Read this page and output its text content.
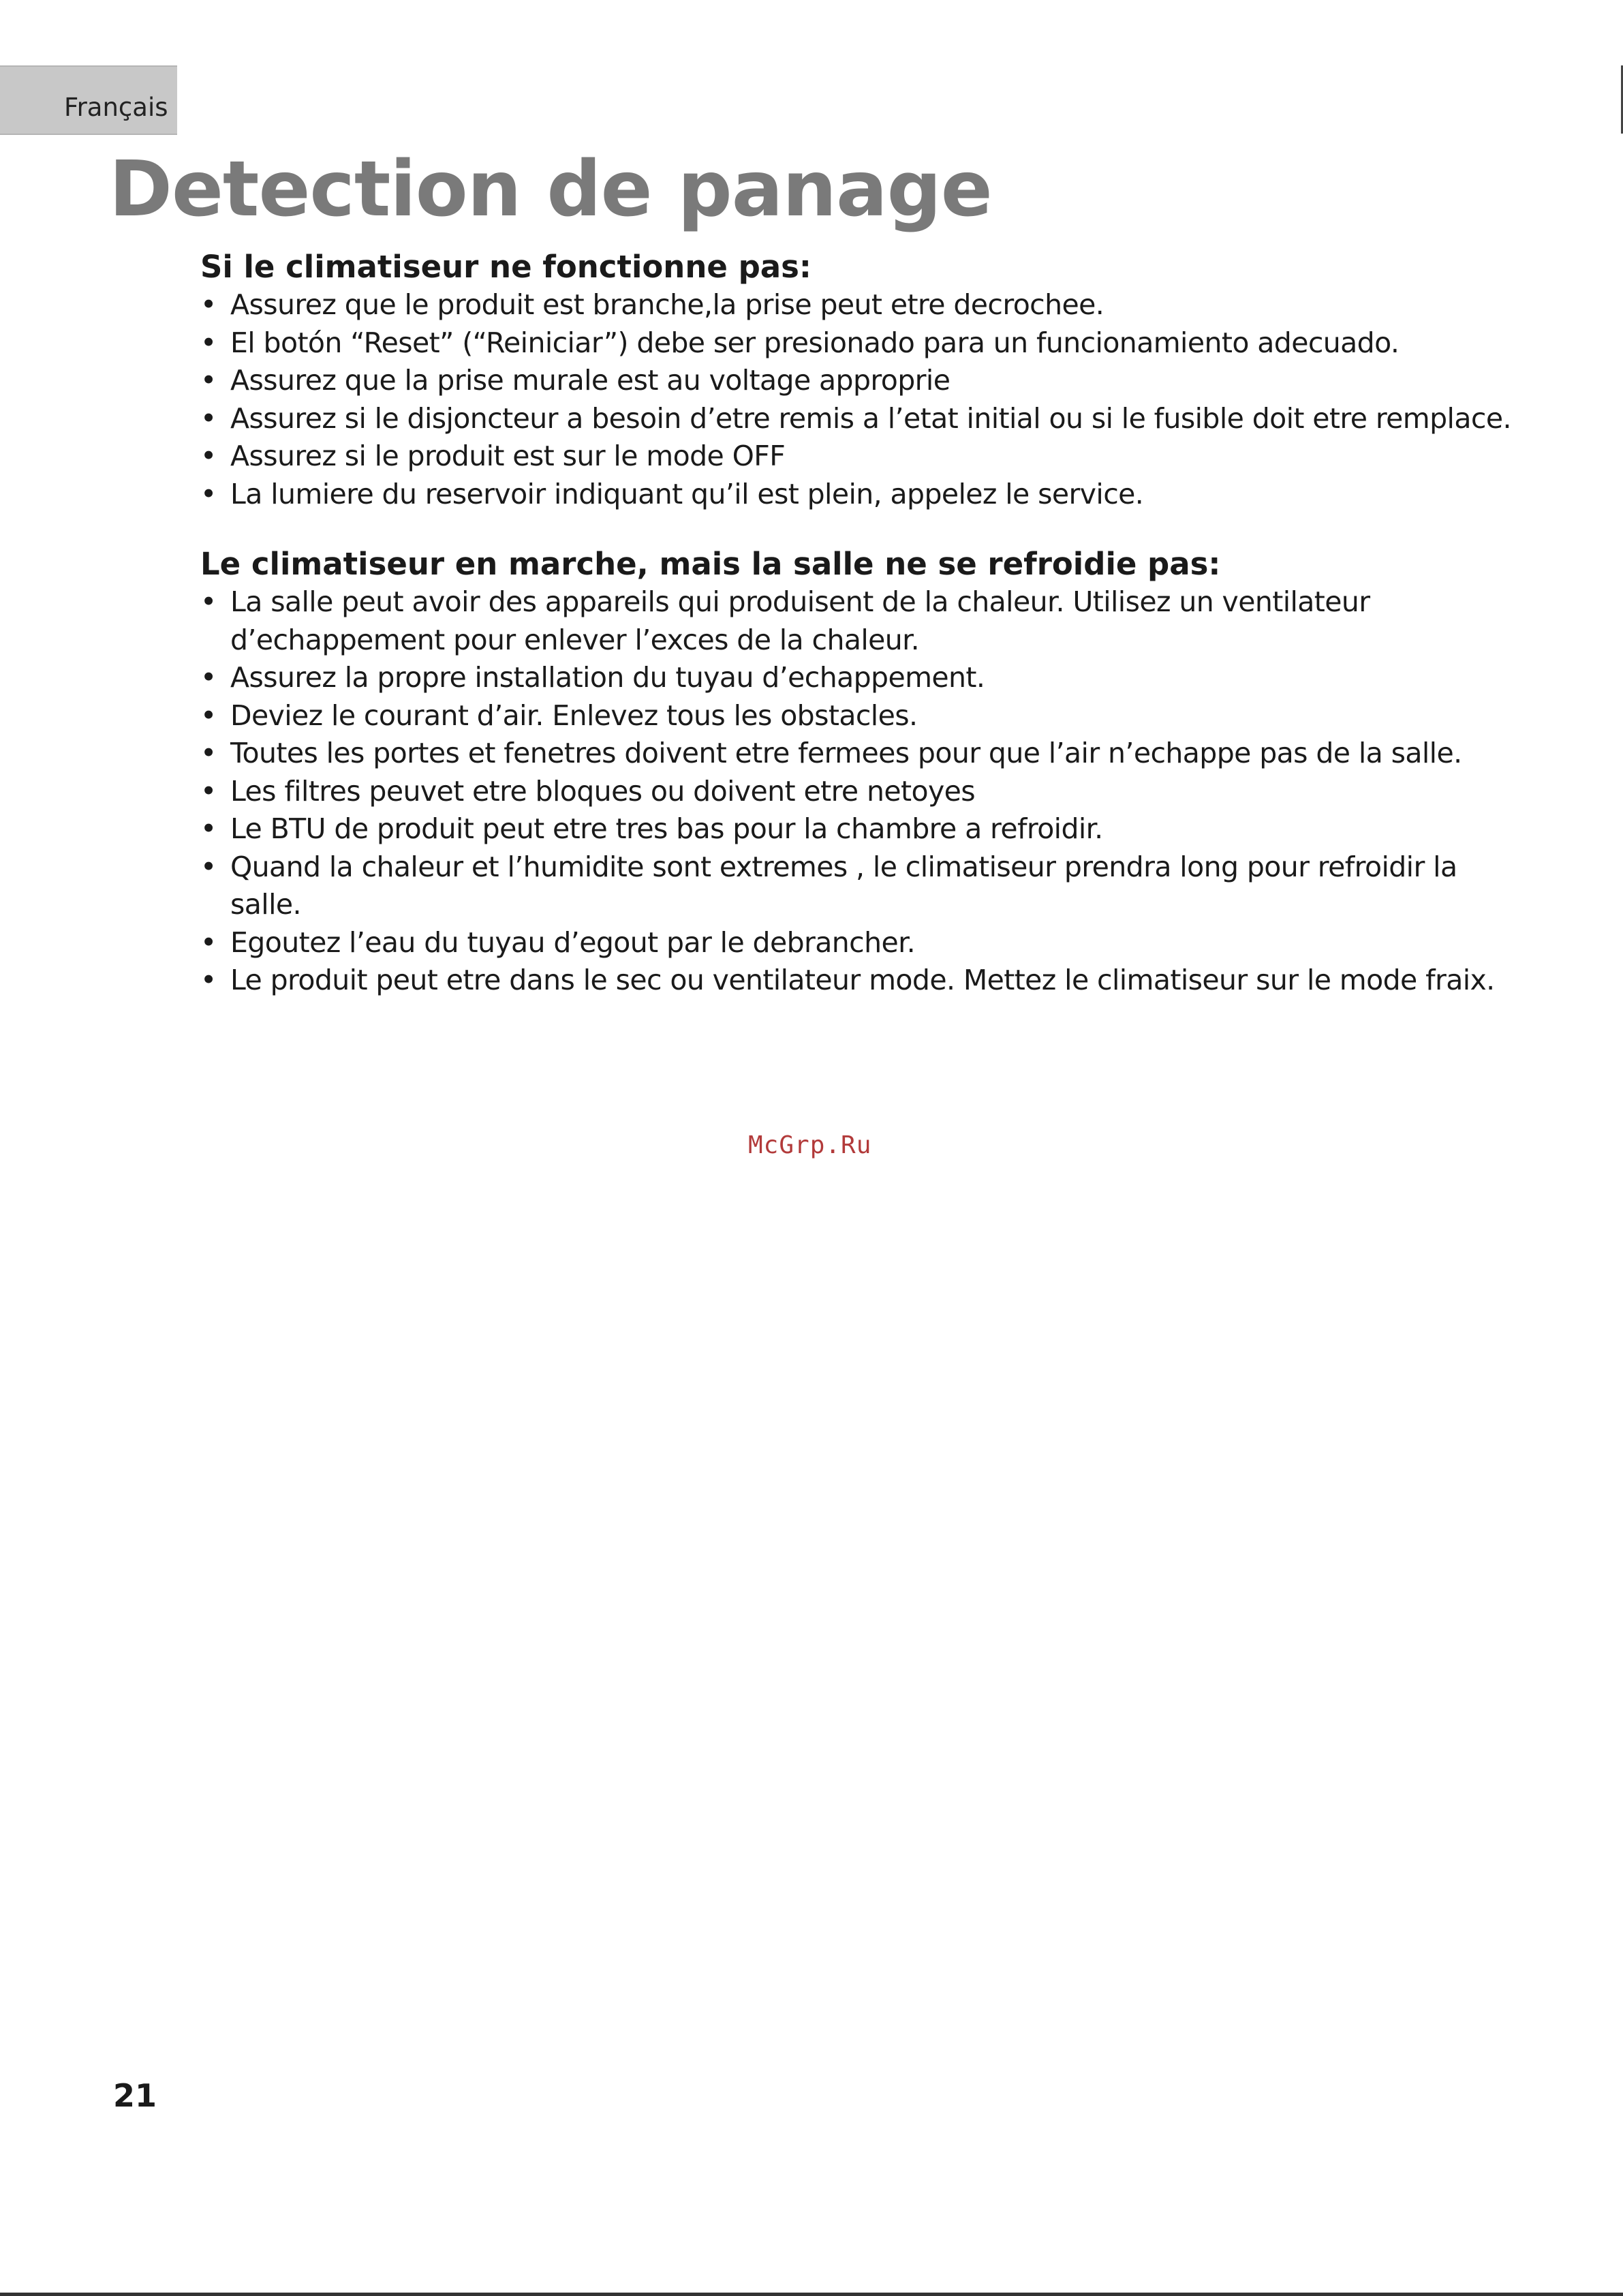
Français
Detection de panage
Si le climatiseur ne fonctionne pas:
• Assurez que le produit est branche,la prise peut etre decrochee.
• El botón “Reset” (“Reiniciar”) debe ser presionado para un funcionamiento adecuado.
• Assurez que la prise murale est au voltage approprie
• Assurez si le disjoncteur a besoin d’etre remis a l’etat initial ou si le fusible doit etre remplace.
• Assurez si le produit est sur le mode OFF
• La lumiere du reservoir indiquant qu’il est plein, appelez le service.
Le climatiseur en marche, mais la salle ne se refroidie pas:
• La salle peut avoir des appareils qui produisent de la chaleur. Utilisez un ventilateur d’echappement pour enlever l’exces de la chaleur.
• Assurez la propre installation du tuyau d’echappement.
• Deviez le courant d’air. Enlevez tous les obstacles.
• Toutes les portes et fenetres doivent etre fermees pour que l’air n’echappe pas de la salle.
• Les filtres peuvet etre bloques ou doivent etre netoyes
• Le BTU de produit peut etre tres bas pour la chambre a refroidir.
• Quand la chaleur et l’humidite sont extremes , le climatiseur prendra long pour refroidir la salle.
• Egoutez l’eau du tuyau d’egout par le debrancher.
• Le produit peut etre dans le sec ou ventilateur mode. Mettez le climatiseur sur le mode fraix.
McGrp.Ru
21
